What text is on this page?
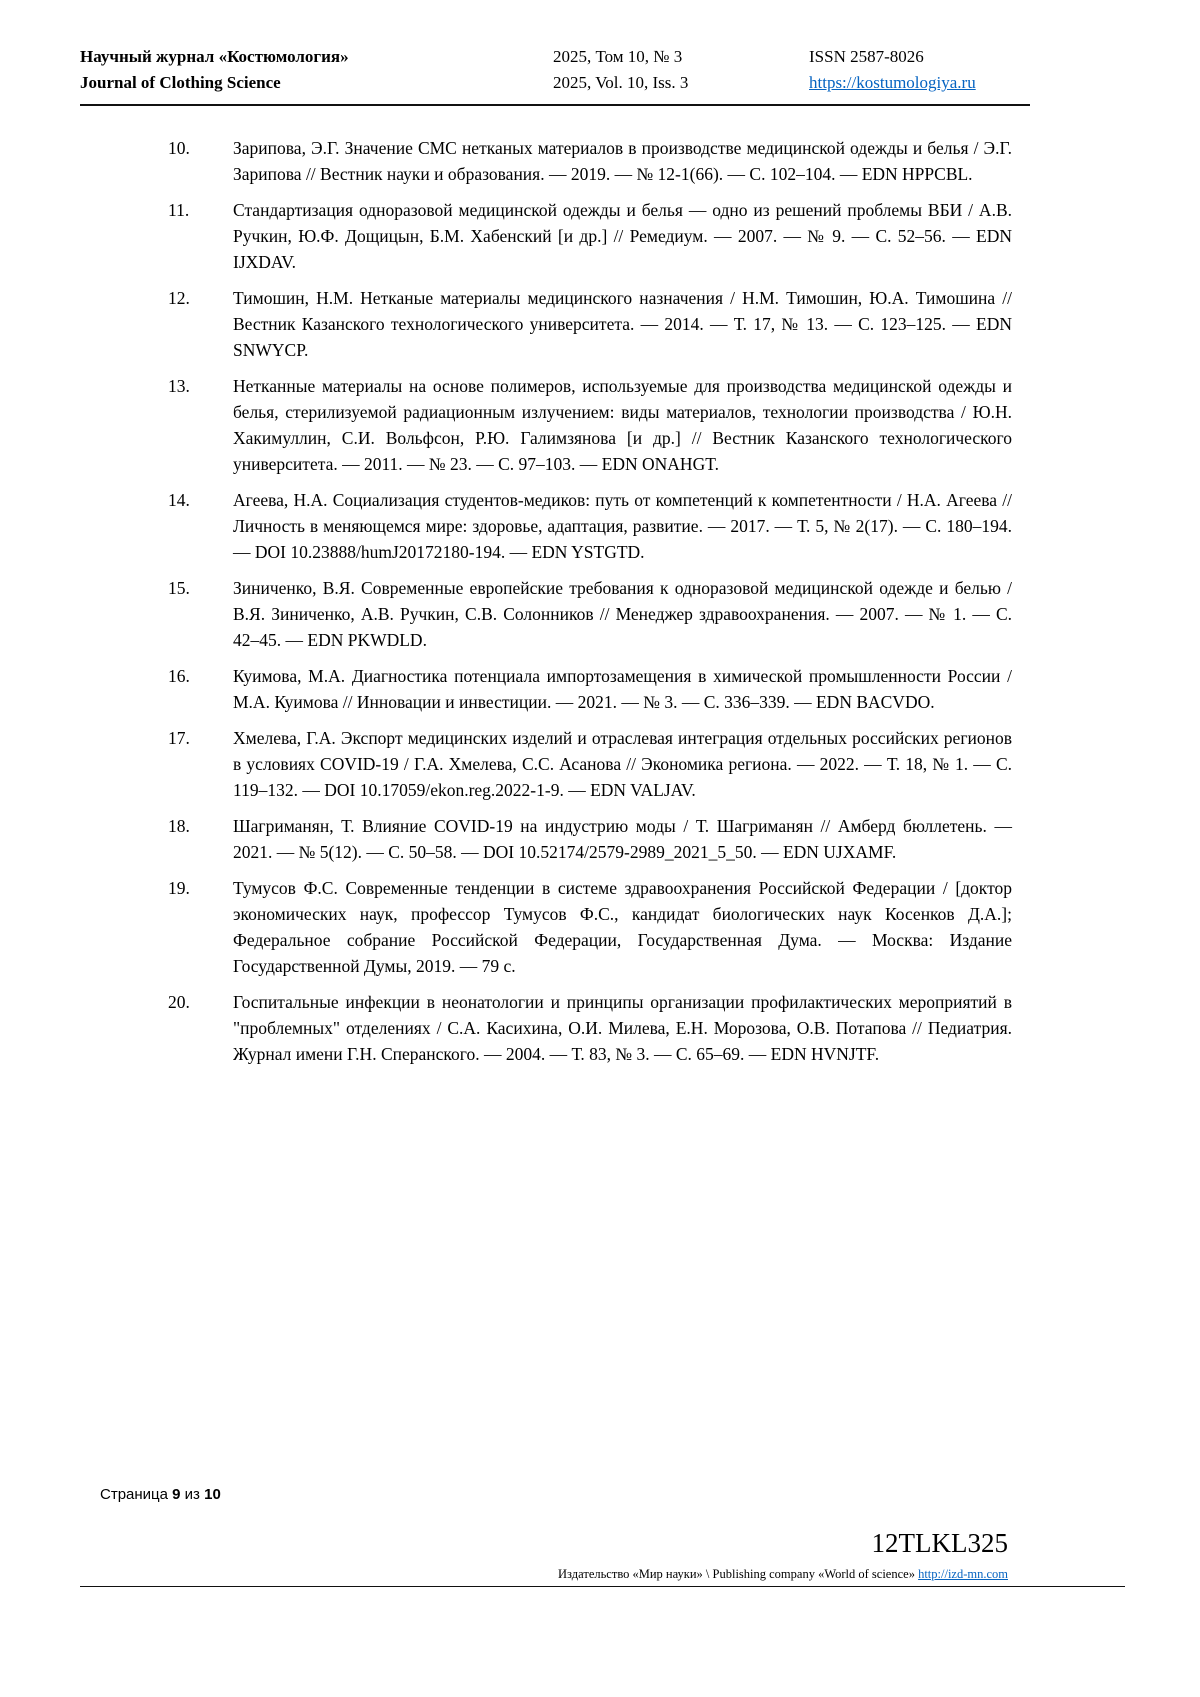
Научный журнал «Костюмология»
Journal of Clothing Science
2025, Том 10, № 3
2025, Vol. 10, Iss. 3
ISSN 2587-8026
https://kostumologiya.ru
10. Зарипова, Э.Г. Значение СМС нетканых материалов в производстве медицинской одежды и белья / Э.Г. Зарипова // Вестник науки и образования. — 2019. — № 12-1(66). — С. 102–104. — EDN HPPCBL.
11.	Стандартизация одноразовой медицинской одежды и белья — одно из решений проблемы ВБИ / А.В. Ручкин, Ю.Ф. Дощицын, Б.М. Хабенский [и др.] // Ремедиум. — 2007. — № 9. — С. 52–56. — EDN IJXDAV.
12. Тимошин, Н.М. Нетканые материалы медицинского назначения / Н.М. Тимошин, Ю.А. Тимошина // Вестник Казанского технологического университета. — 2014. — Т. 17, № 13. — С. 123–125. — EDN SNWYCP.
13. Нетканные материалы на основе полимеров, используемые для производства медицинской одежды и белья, стерилизуемой радиационным излучением: виды материалов, технологии производства / Ю.Н. Хакимуллин, С.И. Вольфсон, Р.Ю. Галимзянова [и др.] // Вестник Казанского технологического университета. — 2011. — № 23. — С. 97–103. — EDN ONAHGT.
14. Агеева, Н.А. Социализация студентов-медиков: путь от компетенций к компетентности / Н.А. Агеева // Личность в меняющемся мире: здоровье, адаптация, развитие. — 2017. — Т. 5, № 2(17). — С. 180–194. — DOI 10.23888/humJ20172180-194. — EDN YSTGTD.
15. Зиниченко, В.Я. Современные европейские требования к одноразовой медицинской одежде и белью / В.Я. Зиниченко, А.В. Ручкин, С.В. Солонников // Менеджер здравоохранения. — 2007. — № 1. — С. 42–45. — EDN PKWDLD.
16. Куимова, М.А. Диагностика потенциала импортозамещения в химической промышленности России / М.А. Куимова // Инновации и инвестиции. — 2021. — № 3. — С. 336–339. — EDN BACVDO.
17. Хмелева, Г.А. Экспорт медицинских изделий и отраслевая интеграция отдельных российских регионов в условиях COVID-19 / Г.А. Хмелева, С.С. Асанова // Экономика региона. — 2022. — Т. 18, № 1. — С. 119–132. — DOI 10.17059/ekon.reg.2022-1-9. — EDN VALJAV.
18. Шагриманян, Т. Влияние COVID-19 на индустрию моды / Т. Шагриманян // Амберд бюллетень. — 2021. — № 5(12). — С. 50–58. — DOI 10.52174/2579-2989_2021_5_50. — EDN UJXAMF.
19. Тумусов Ф.С. Современные тенденции в системе здравоохранения Российской Федерации / [доктор экономических наук, профессор Тумусов Ф.С., кандидат биологических наук Косенков Д.А.]; Федеральное собрание Российской Федерации, Государственная Дума. — Москва: Издание Государственной Думы, 2019. — 79 с.
20. Госпитальные инфекции в неонатологии и принципы организации профилактических мероприятий в "проблемных" отделениях / С.А. Касихина, О.И. Милева, Е.Н. Морозова, О.В. Потапова // Педиатрия. Журнал имени Г.Н. Сперанского. — 2004. — Т. 83, № 3. — С. 65–69. — EDN HVNJTF.
Страница 9 из 10
12TLKL325
Издательство «Мир науки» \ Publishing company «World of science» http://izd-mn.com
